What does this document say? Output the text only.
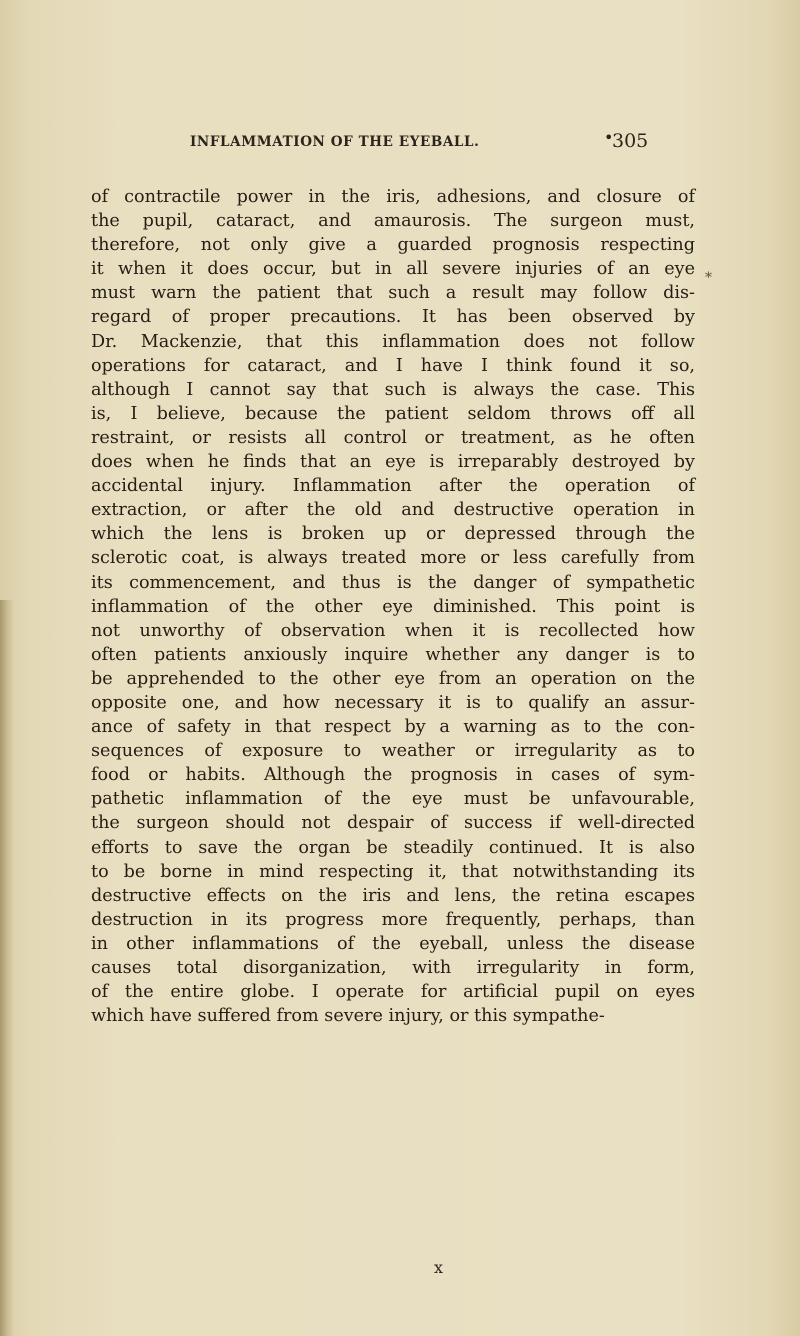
INFLAMMATION OF THE EYEBALL.	•
305
*
of contractile power in the iris, adhesions, and closure of
the pupil, cataract, and amaurosis. The surgeon must,
therefore, not only give a guarded prognosis respecting
it when it does occur, but in all severe injuries of an eye
must warn the patient that such a result may follow dis-
regard of proper precautions. It has been observed by
Dr. Mackenzie, that this inflammation does not follow
operations for cataract, and I have I think found it so,
although I cannot say that such is always the case. This
is, I believe, because the patient seldom throws off all
restraint, or resists all control or treatment, as he often
does when he finds that an eye is irreparably destroyed by
accidental injury. Inflammation after the operation of
extraction, or after the old and destructive operation in
which the lens is broken up or depressed through the
sclerotic coat, is always treated more or less carefully from
its commencement, and thus is the danger of sympathetic
inflammation of the other eye diminished. This point is
not unworthy of observation when it is recollected how
often patients anxiously inquire whether any danger is to
be apprehended to the other eye from an operation on the
opposite one, and how necessary it is to qualify an assur-
ance of safety in that respect by a warning as to the con-
sequences of exposure to weather or irregularity as to
food or habits. Although the prognosis in cases of sym-
pathetic inflammation of the eye must be unfavourable,
the surgeon should not despair of success if well-directed
efforts to save the organ be steadily continued. It is also
to be borne in mind respecting it, that notwithstanding its
destructive effects on the iris and lens, the retina escapes
destruction in its progress more frequently, perhaps, than
in other inflammations of the eyeball, unless the disease
causes total disorganization, with irregularity in form,
of the entire globe. I operate for artificial pupil on eyes
which have suffered from severe injury, or this sympathe-
x
